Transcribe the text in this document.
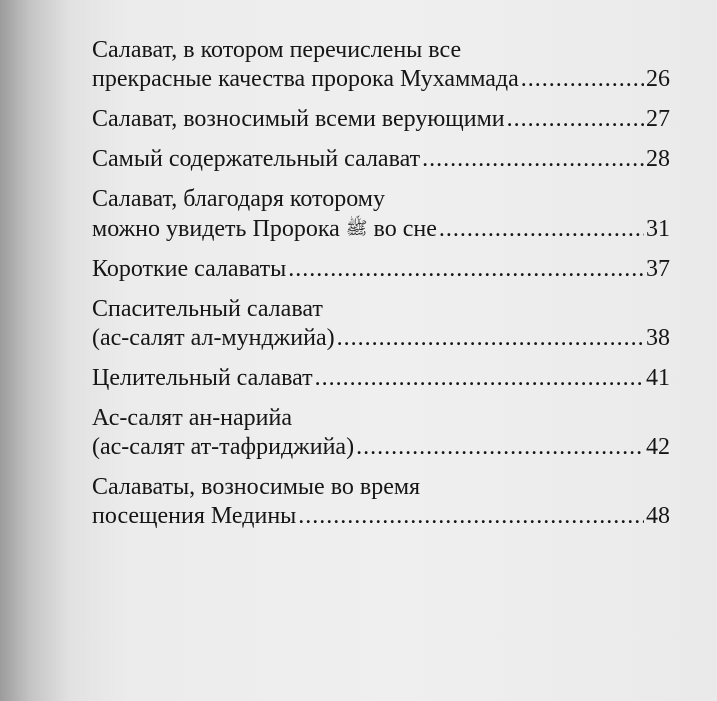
Салават, в котором перечислены все
прекрасные качества пророка Мухаммада .....	26
Салават, возносимый всеми верующими .....	27
Самый содержательный салават .....	28
Салават, благодаря которому
можно увидеть Пророка ﷺ во сне .....	31
Короткие салаваты .....	37
Спасительный салават
(ас-салят ал-мунджийа) .....	38
Целительный салават .....	41
Ас-салят ан-нарийа
(ас-салят ат-тафриджийа) .....	42
Салаваты, возносимые во время
посещения Медины .....	48
